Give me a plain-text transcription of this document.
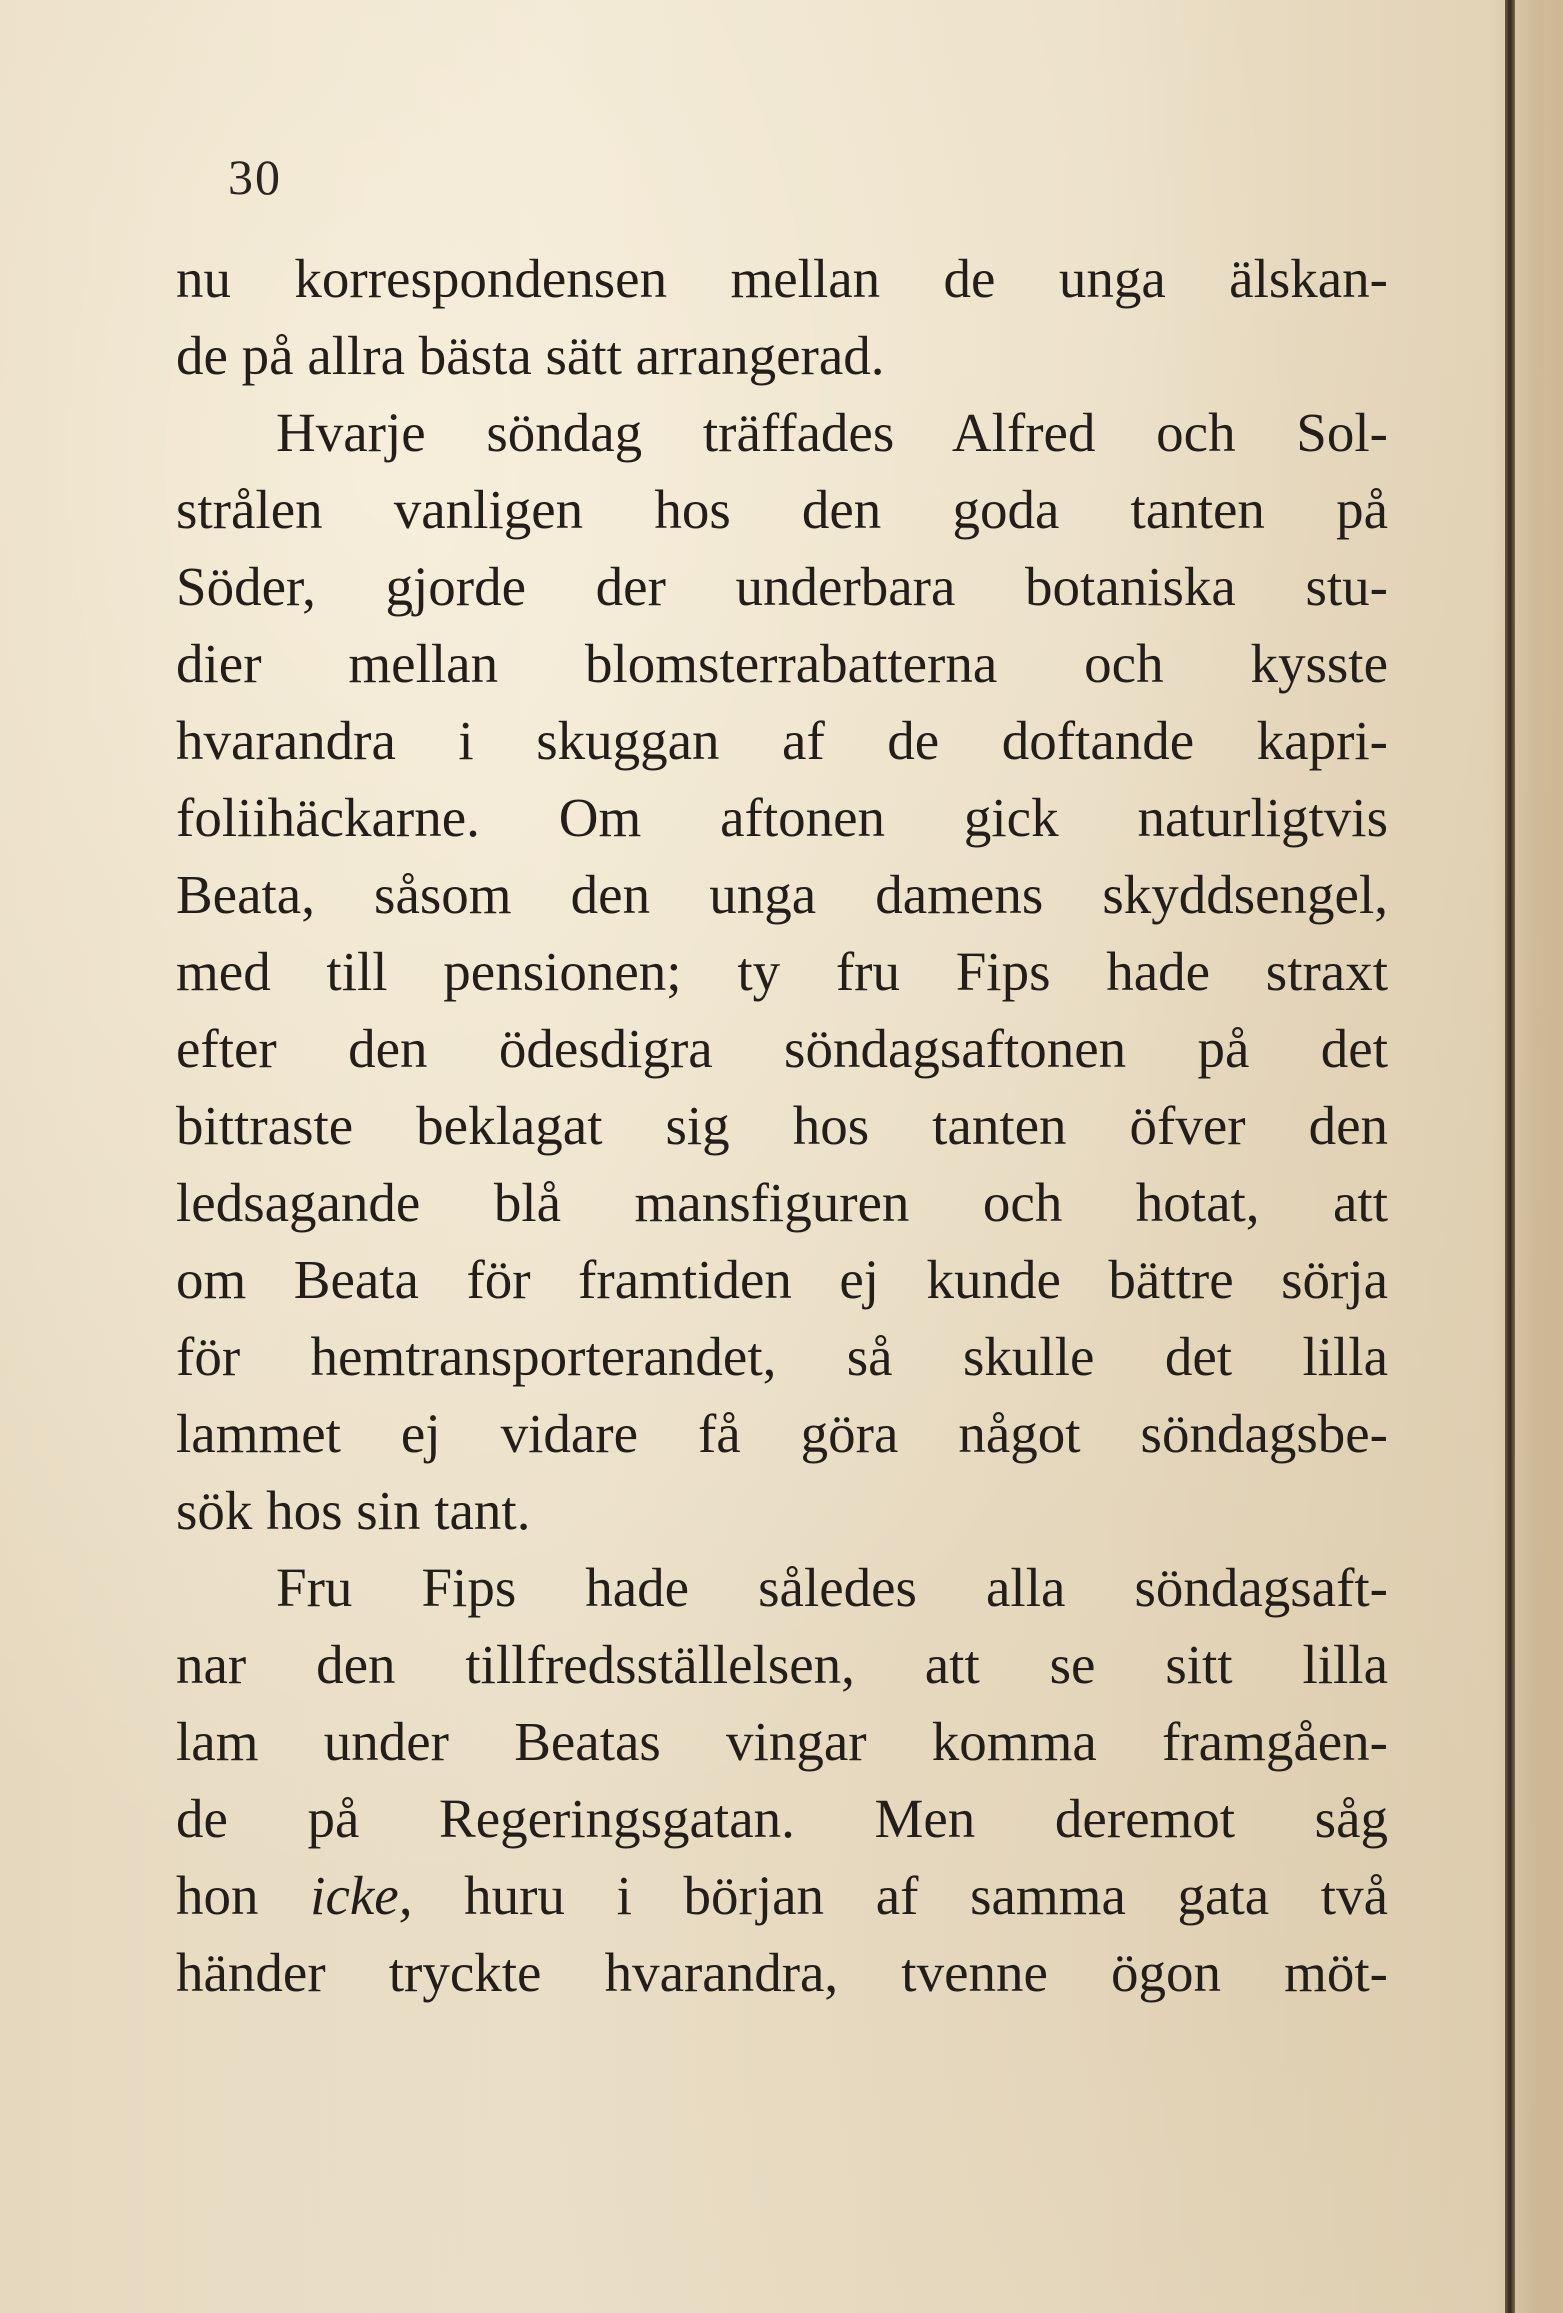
30
nu korrespondensen mellan de unga älskan-
de på allra bästa sätt arrangerad.
Hvarje söndag träffades Alfred och Sol-
strålen vanligen hos den goda tanten på
Söder, gjorde der underbara botaniska stu-
dier mellan blomsterrabatterna och kysste
hvarandra i skuggan af de doftande kapri-
foliihäckarne. Om aftonen gick naturligtvis
Beata, såsom den unga damens skyddsengel,
med till pensionen; ty fru Fips hade straxt
efter den ödesdigra söndagsaftonen på det
bittraste beklagat sig hos tanten öfver den
ledsagande blå mansfiguren och hotat, att
om Beata för framtiden ej kunde bättre sörja
för hemtransporterandet, så skulle det lilla
lammet ej vidare få göra något söndagsbe-
sök hos sin tant.
Fru Fips hade således alla söndagsaft-
nar den tillfredsställelsen, att se sitt lilla
lam under Beatas vingar komma framgåen-
de på Regeringsgatan. Men deremot såg
hon icke, huru i början af samma gata två
händer tryckte hvarandra, tvenne ögon möt-
